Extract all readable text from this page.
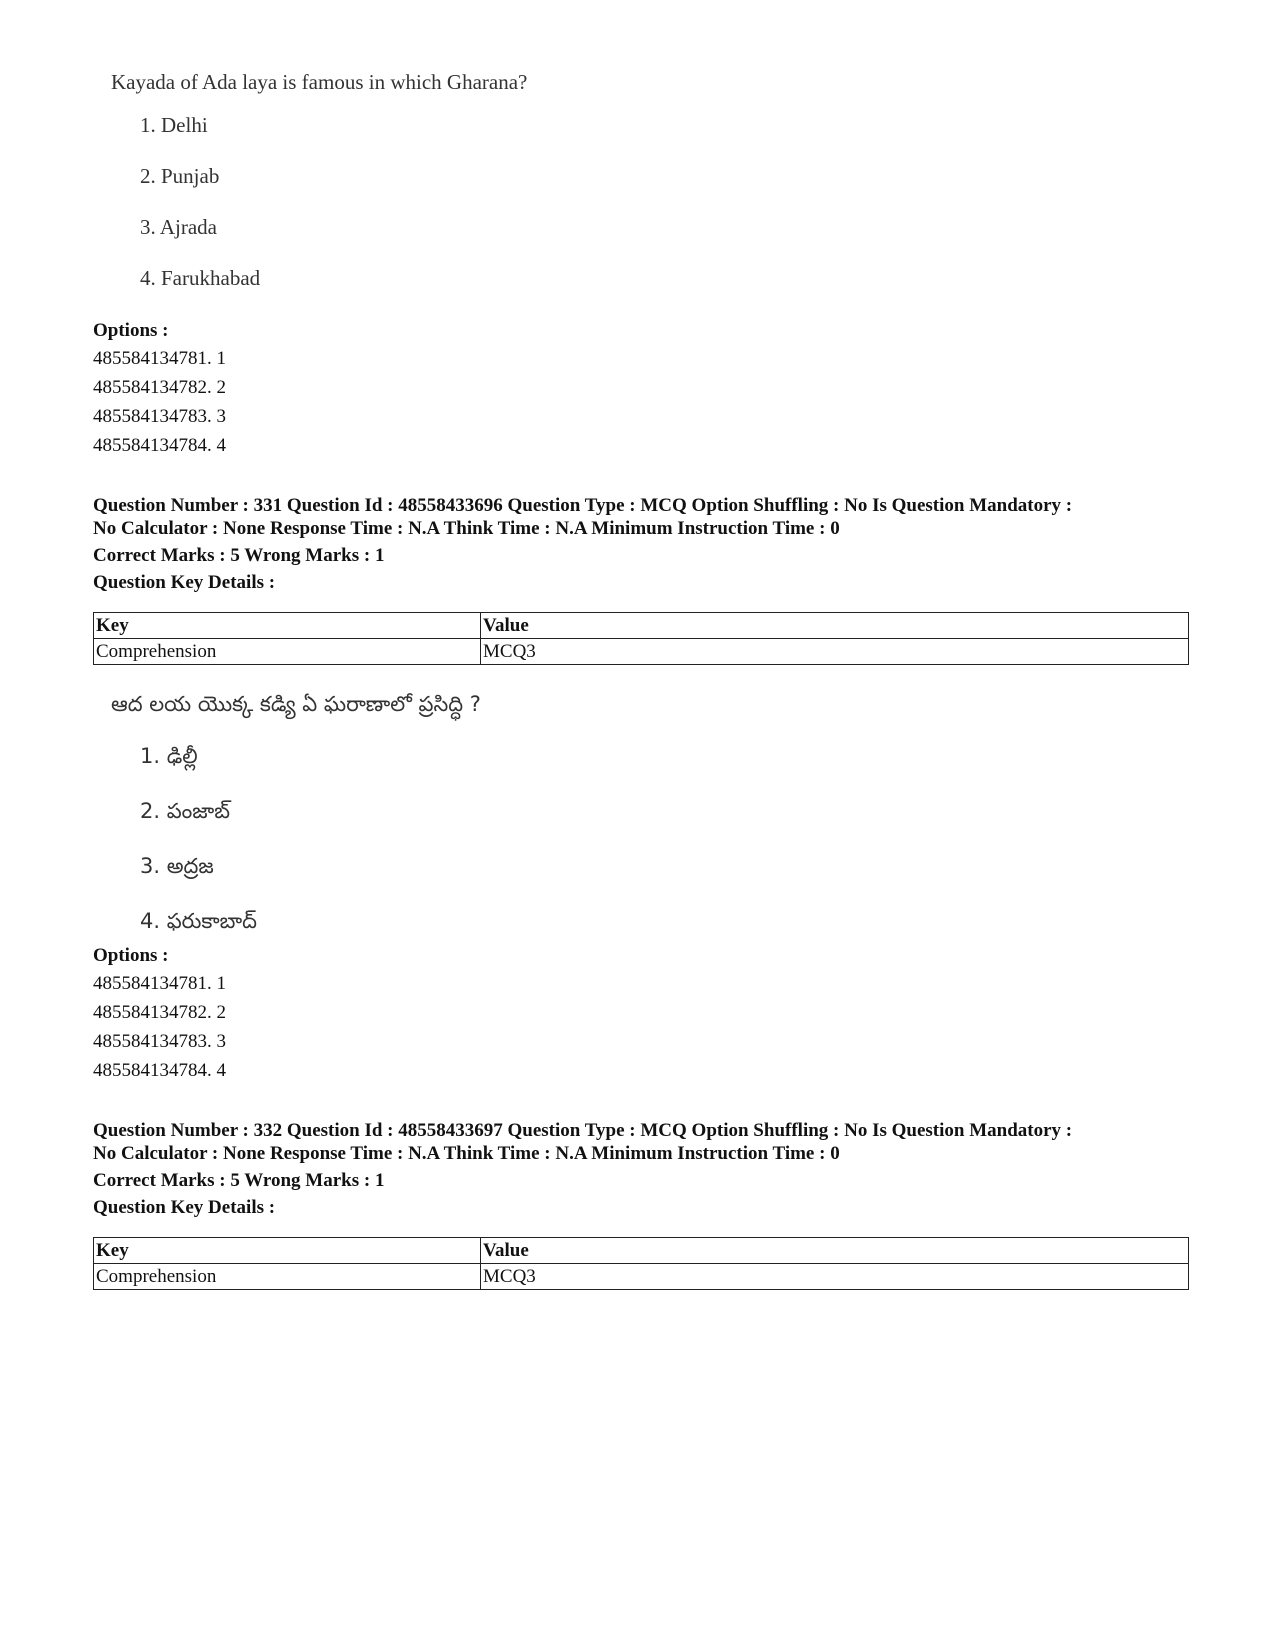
Kayada of Ada laya is famous in which Gharana?
1. Delhi
2. Punjab
3. Ajrada
4. Farukhabad
Options :
485584134781. 1
485584134782. 2
485584134783. 3
485584134784. 4
Question Number : 331 Question Id : 48558433696 Question Type : MCQ Option Shuffling : No Is Question Mandatory :
No Calculator : None Response Time : N.A Think Time : N.A Minimum Instruction Time : 0
Correct Marks : 5 Wrong Marks : 1
Question Key Details :
Key	Value
Comprehension	MCQ3
ఆద లయ యొక్క కడ్యి ఏ ఘరాణాలో ప్రసిద్ధి ?
1. ఢిల్లీ
2. పంజాబ్
3. అద్రజ
4. ఫరుకాబాద్
Options :
485584134781. 1
485584134782. 2
485584134783. 3
485584134784. 4
Question Number : 332 Question Id : 48558433697 Question Type : MCQ Option Shuffling : No Is Question Mandatory :
No Calculator : None Response Time : N.A Think Time : N.A Minimum Instruction Time : 0
Correct Marks : 5 Wrong Marks : 1
Question Key Details :
Key	Value
Comprehension	MCQ3
